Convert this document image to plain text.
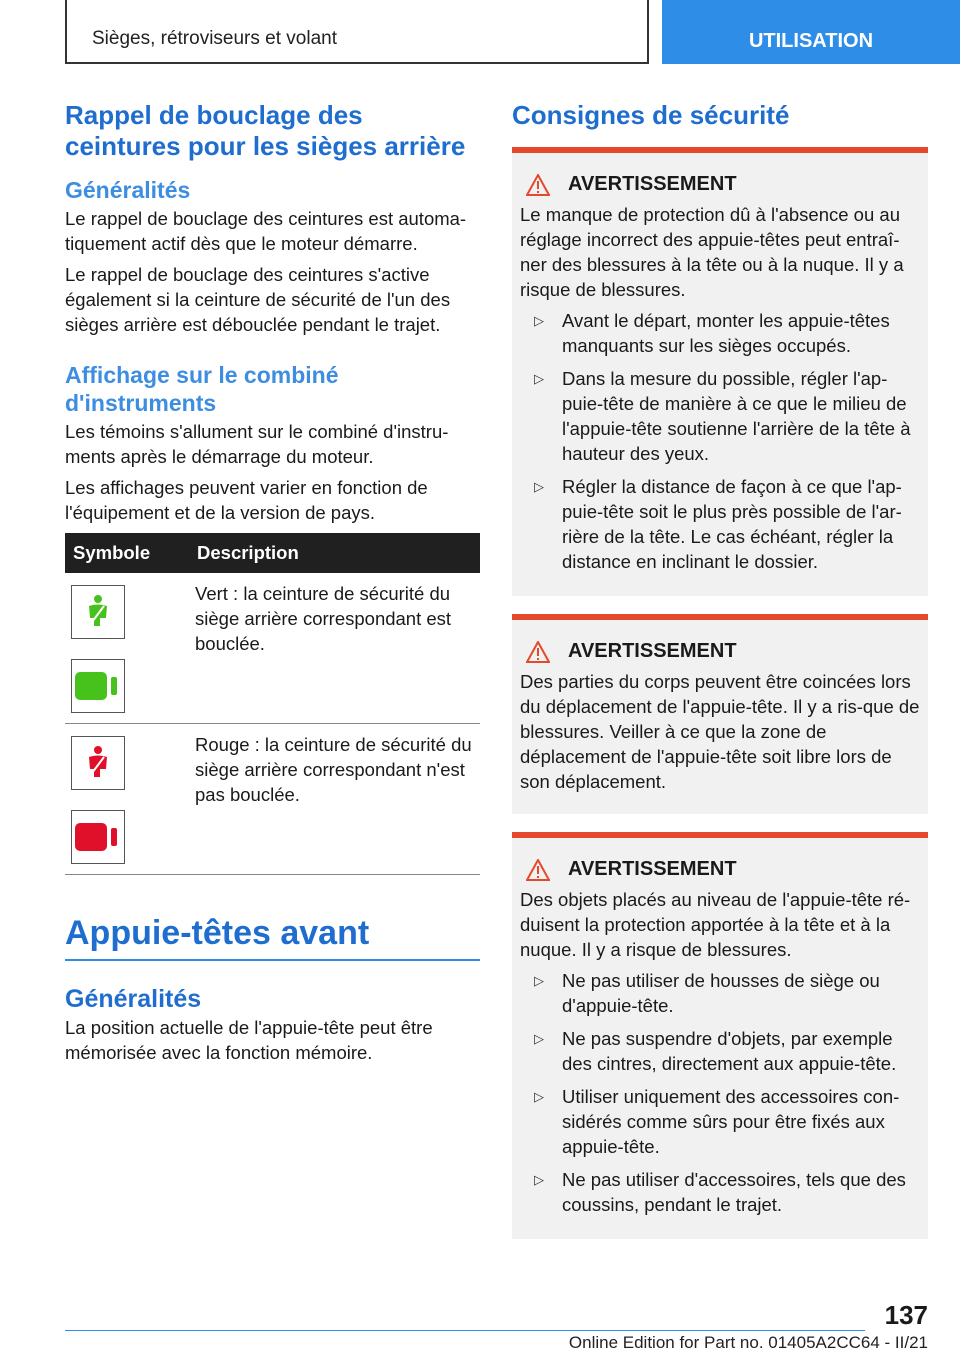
Sièges, rétroviseurs et volant	UTILISATION
Rappel de bouclage des ceintures pour les sièges arrière
Généralités

Le rappel de bouclage des ceintures est automa‐tiquement actif dès que le moteur démarre.

Le rappel de bouclage des ceintures s'active également si la ceinture de sécurité de l'un des sièges arrière est débouclée pendant le trajet.

Affichage sur le combiné d'instruments

Les témoins s'allument sur le combiné d'instru‐ments après le démarrage du moteur.

Les affichages peuvent varier en fonction de l'équipement et de la version de pays.

Symbole	Description

	Vert : la ceinture de sécurité du siège arrière correspondant est bouclée.

	Rouge : la ceinture de sécurité du siège arrière correspondant n'est pas bouclée.
Appuie-têtes avant
Généralités

La position actuelle de l'appuie-tête peut être mémorisée avec la fonction mémoire.

Consignes de sécurité
AVERTISSEMENT

Le manque de protection dû à l'absence ou au réglage incorrect des appuie-têtes peut entraî‐ner des blessures à la tête ou à la nuque. Il y a risque de blessures.

▷ Avant le départ, monter les appuie-têtes manquants sur les sièges occupés.
▷ Dans la mesure du possible, régler l'ap‐puie-tête de manière à ce que le milieu de l'appuie-tête soutienne l'arrière de la tête à hauteur des yeux.
▷ Régler la distance de façon à ce que l'ap‐puie-tête soit le plus près possible de l'ar‐rière de la tête. Le cas échéant, régler la distance en inclinant le dossier.
AVERTISSEMENT

Des parties du corps peuvent être coincées lors du déplacement de l'appuie-tête. Il y a ris‐que de blessures. Veiller à ce que la zone de déplacement de l'appuie-tête soit libre lors de son déplacement.

AVERTISSEMENT

Des objets placés au niveau de l'appuie-tête ré‐duisent la protection apportée à la tête et à la nuque. Il y a risque de blessures.

▷ Ne pas utiliser de housses de siège ou d'appuie-tête.
▷ Ne pas suspendre d'objets, par exemple des cintres, directement aux appuie-tête.
▷ Utiliser uniquement des accessoires con‐sidérés comme sûrs pour être fixés aux appuie-tête.
▷ Ne pas utiliser d'accessoires, tels que des coussins, pendant le trajet.
137
Online Edition for Part no. 01405A2CC64 - II/21
